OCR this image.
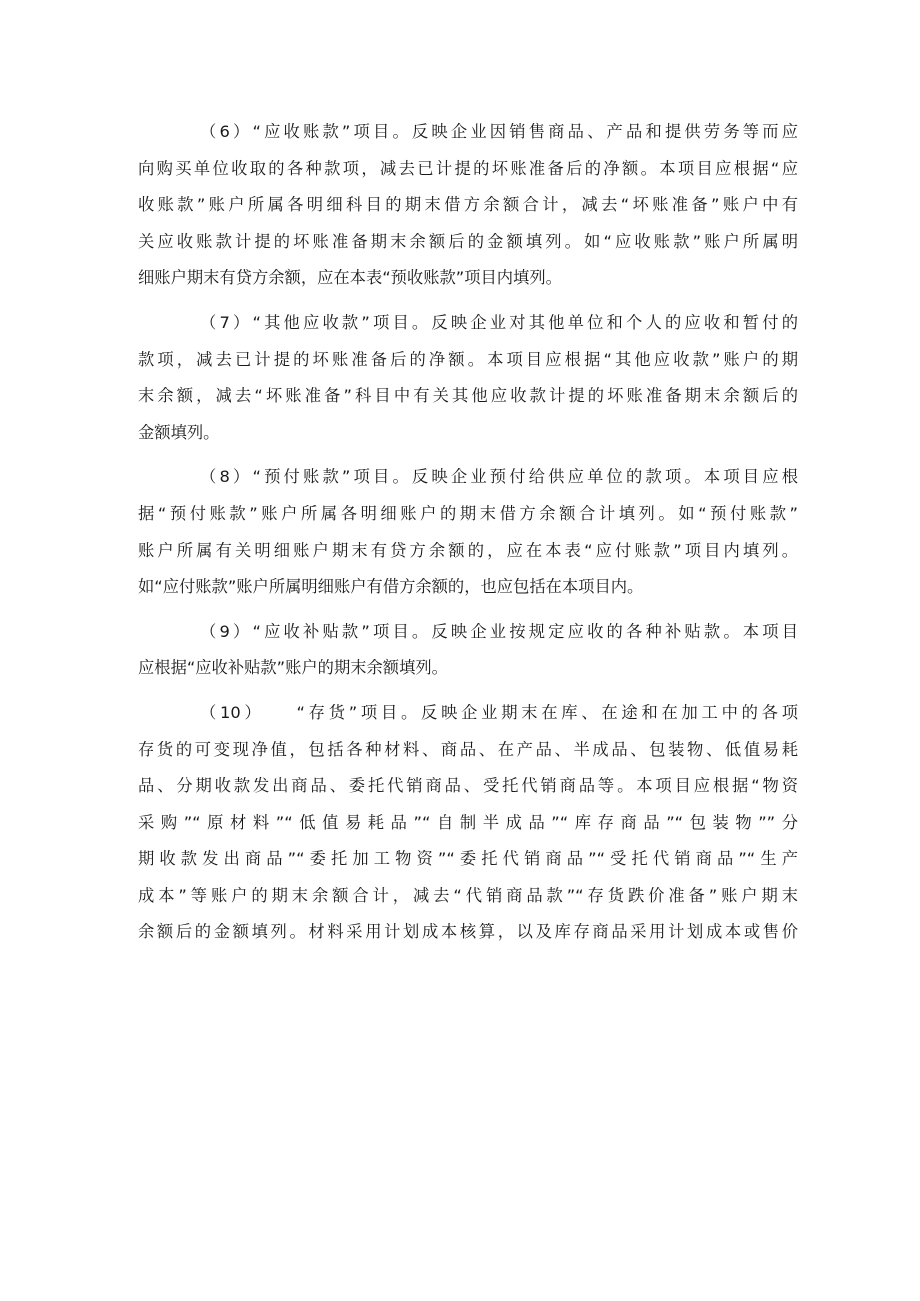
（6）“应收账款”项目。反映企业因销售商品、产品和提供劳务等而应
向购买单位收取的各种款项，减去已计提的坏账准备后的净额。本项目应根据“应
收账款”账户所属各明细科目的期末借方余额合计，减去“坏账准备”账户中有
关应收账款计提的坏账准备期末余额后的金额填列。如“应收账款”账户所属明
细账户期末有贷方余额，应在本表“预收账款”项目内填列。
（7）“其他应收款”项目。反映企业对其他单位和个人的应收和暂付的
款项，减去已计提的坏账准备后的净额。本项目应根据“其他应收款”账户的期
末余额，减去“坏账准备”科目中有关其他应收款计提的坏账准备期末余额后的
金额填列。
（8）“预付账款”项目。反映企业预付给供应单位的款项。本项目应根
据“预付账款”账户所属各明细账户的期末借方余额合计填列。如“预付账款”
账户所属有关明细账户期末有贷方余额的，应在本表“应付账款”项目内填列。
如“应付账款”账户所属明细账户有借方余额的，也应包括在本项目内。
（9）“应收补贴款”项目。反映企业按规定应收的各种补贴款。本项目
应根据“应收补贴款”账户的期末余额填列。
（10）　　“存货”项目。反映企业期末在库、在途和在加工中的各项
存货的可变现净值，包括各种材料、商品、在产品、半成品、包装物、低值易耗
品、分期收款发出商品、委托代销商品、受托代销商品等。本项目应根据“物资
采购”“原材料”“低值易耗品”“自制半成品”“库存商品”“包装物””分
期收款发出商品”“委托加工物资”“委托代销商品”“受托代销商品”“生产
成本”等账户的期末余额合计，减去“代销商品款”“存货跌价准备”账户期末
余额后的金额填列。材料采用计划成本核算，以及库存商品采用计划成本或售价
